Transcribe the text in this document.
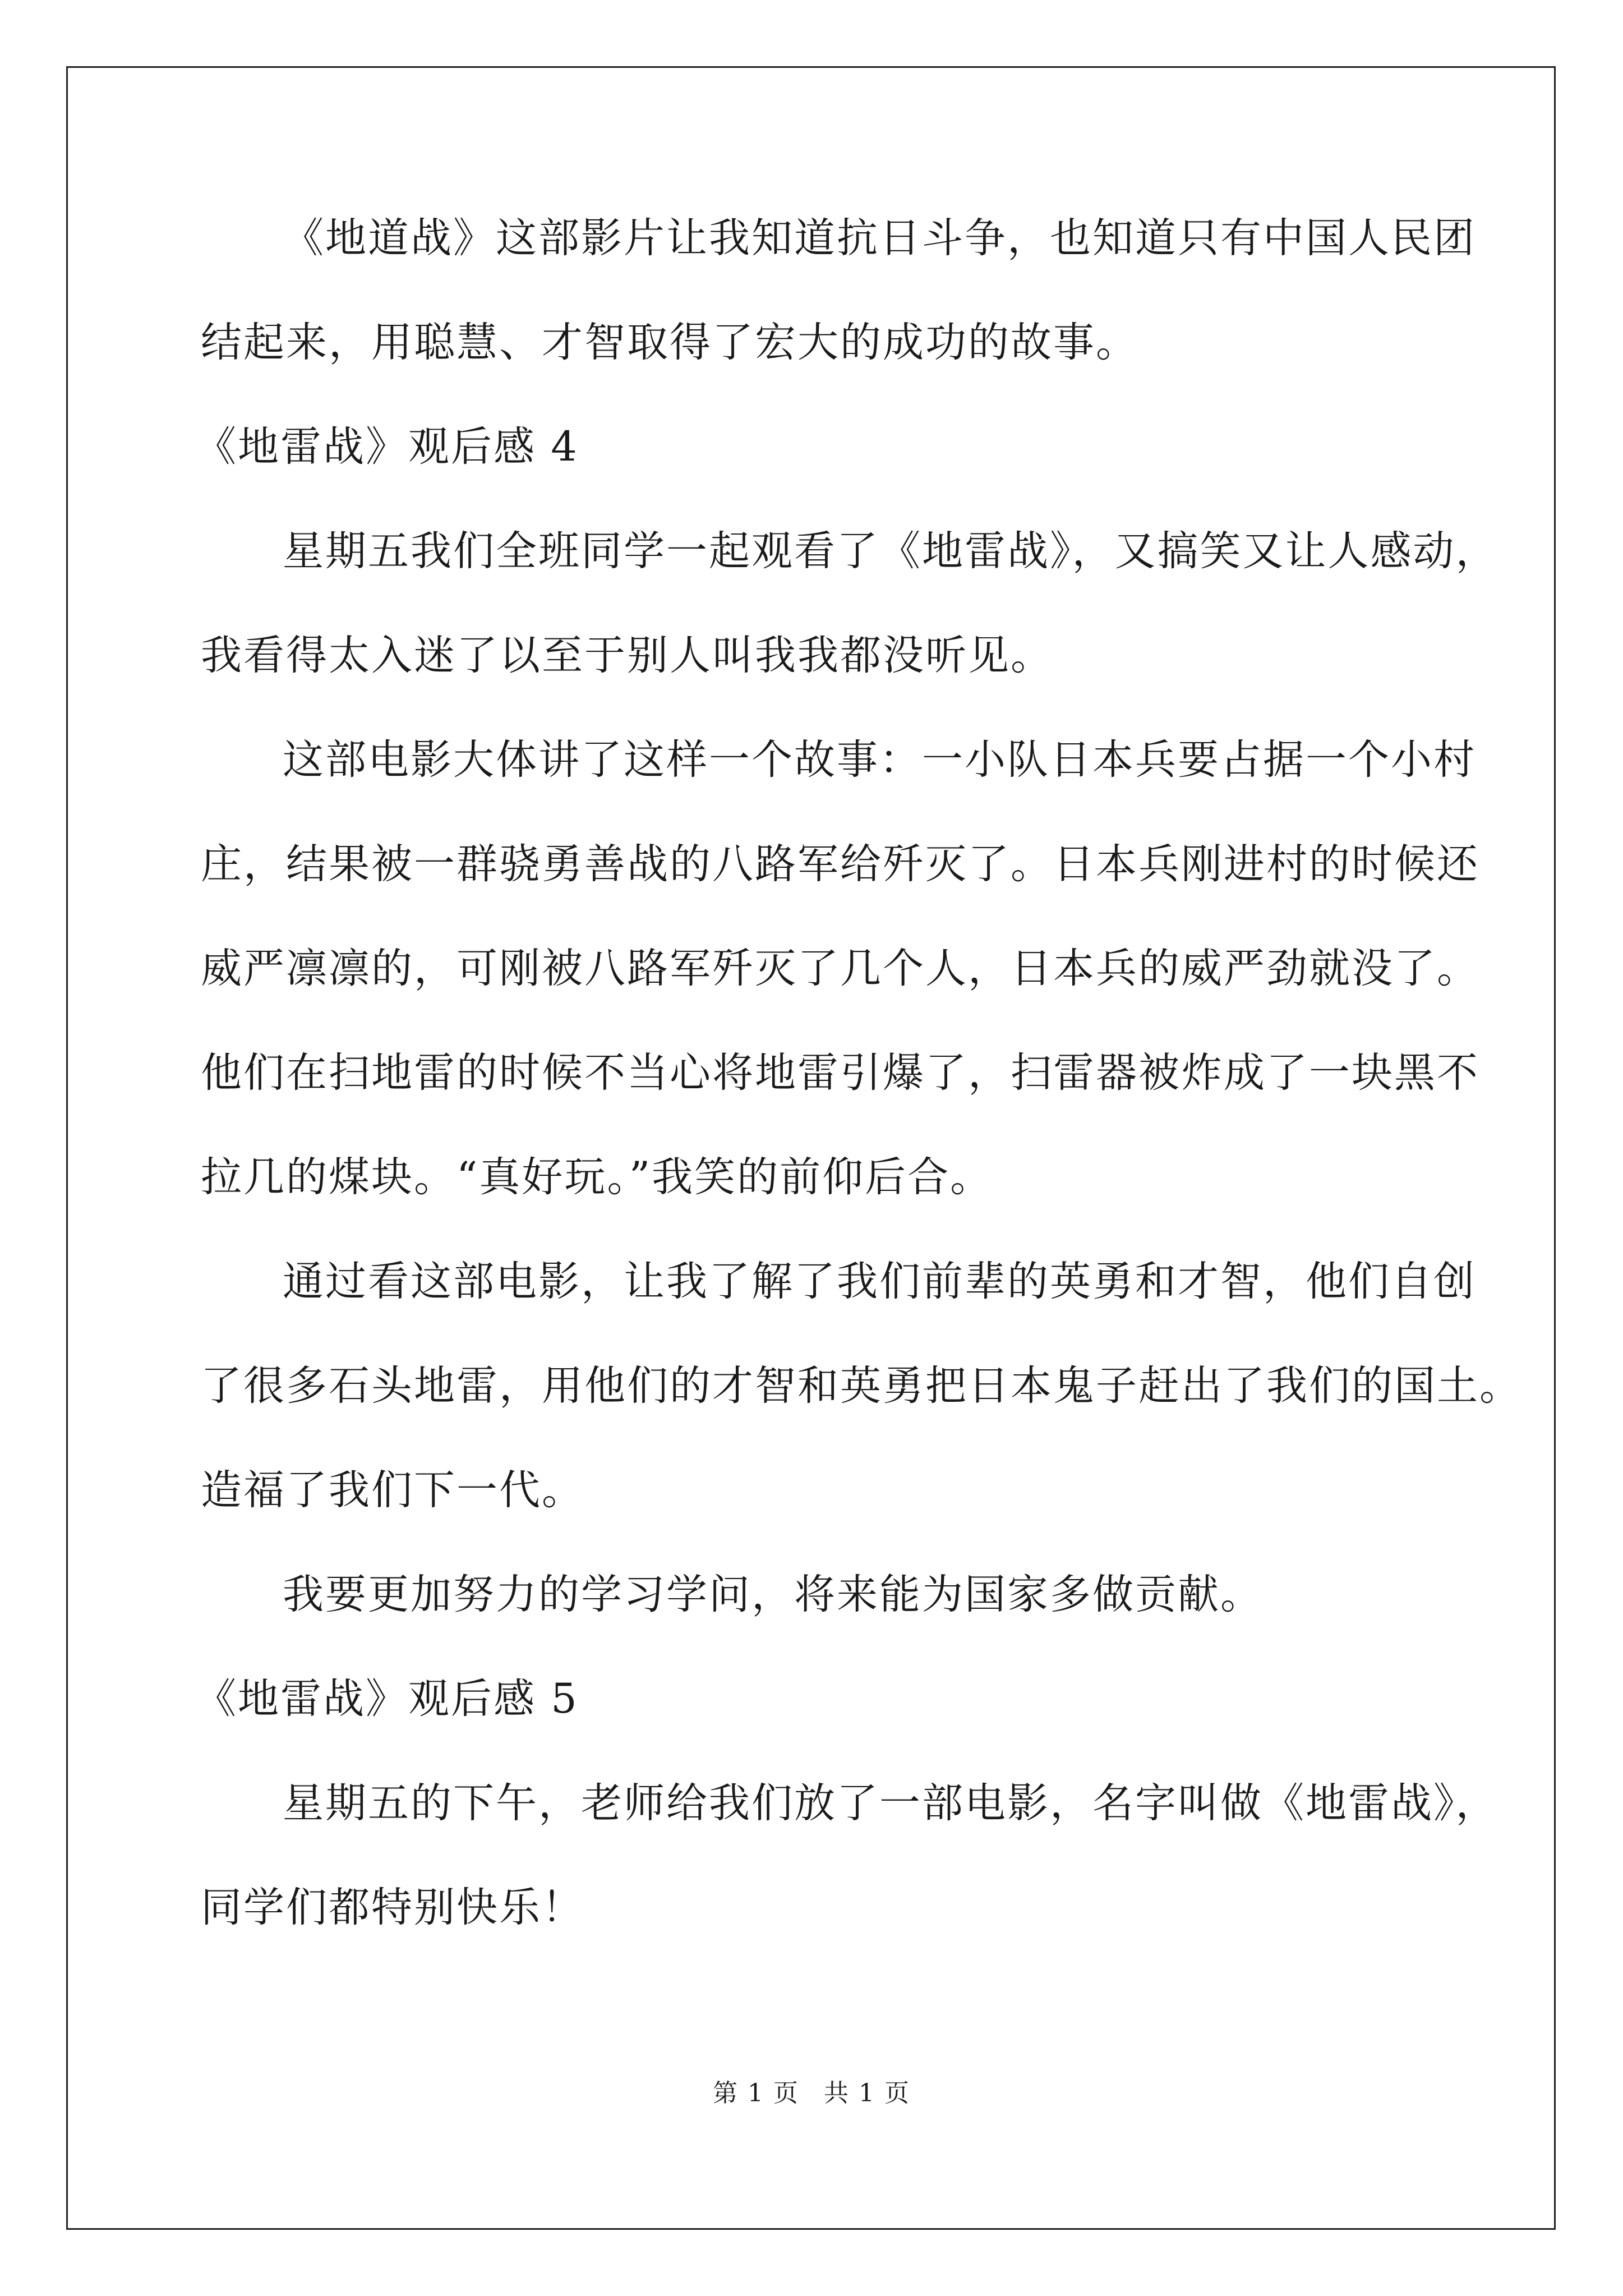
《地道战》这部影片让我知道抗日斗争，也知道只有中国人民团
结起来，用聪慧、才智取得了宏大的成功的故事。
《地雷战》观后感 4
星期五我们全班同学一起观看了《地雷战》，又搞笑又让人感动，
我看得太入迷了以至于别人叫我我都没听见。
这部电影大体讲了这样一个故事：一小队日本兵要占据一个小村
庄，结果被一群骁勇善战的八路军给歼灭了。日本兵刚进村的时候还
威严凛凛的，可刚被八路军歼灭了几个人，日本兵的威严劲就没了。
他们在扫地雷的时候不当心将地雷引爆了，扫雷器被炸成了一块黑不
拉几的煤块。“真好玩。”我笑的前仰后合。
通过看这部电影，让我了解了我们前辈的英勇和才智，他们自创
了很多石头地雷，用他们的才智和英勇把日本鬼子赶出了我们的国土。
造福了我们下一代。
我要更加努力的学习学问，将来能为国家多做贡献。
《地雷战》观后感 5
星期五的下午，老师给我们放了一部电影，名字叫做《地雷战》，
同学们都特别快乐！
第 1 页 共 1 页
